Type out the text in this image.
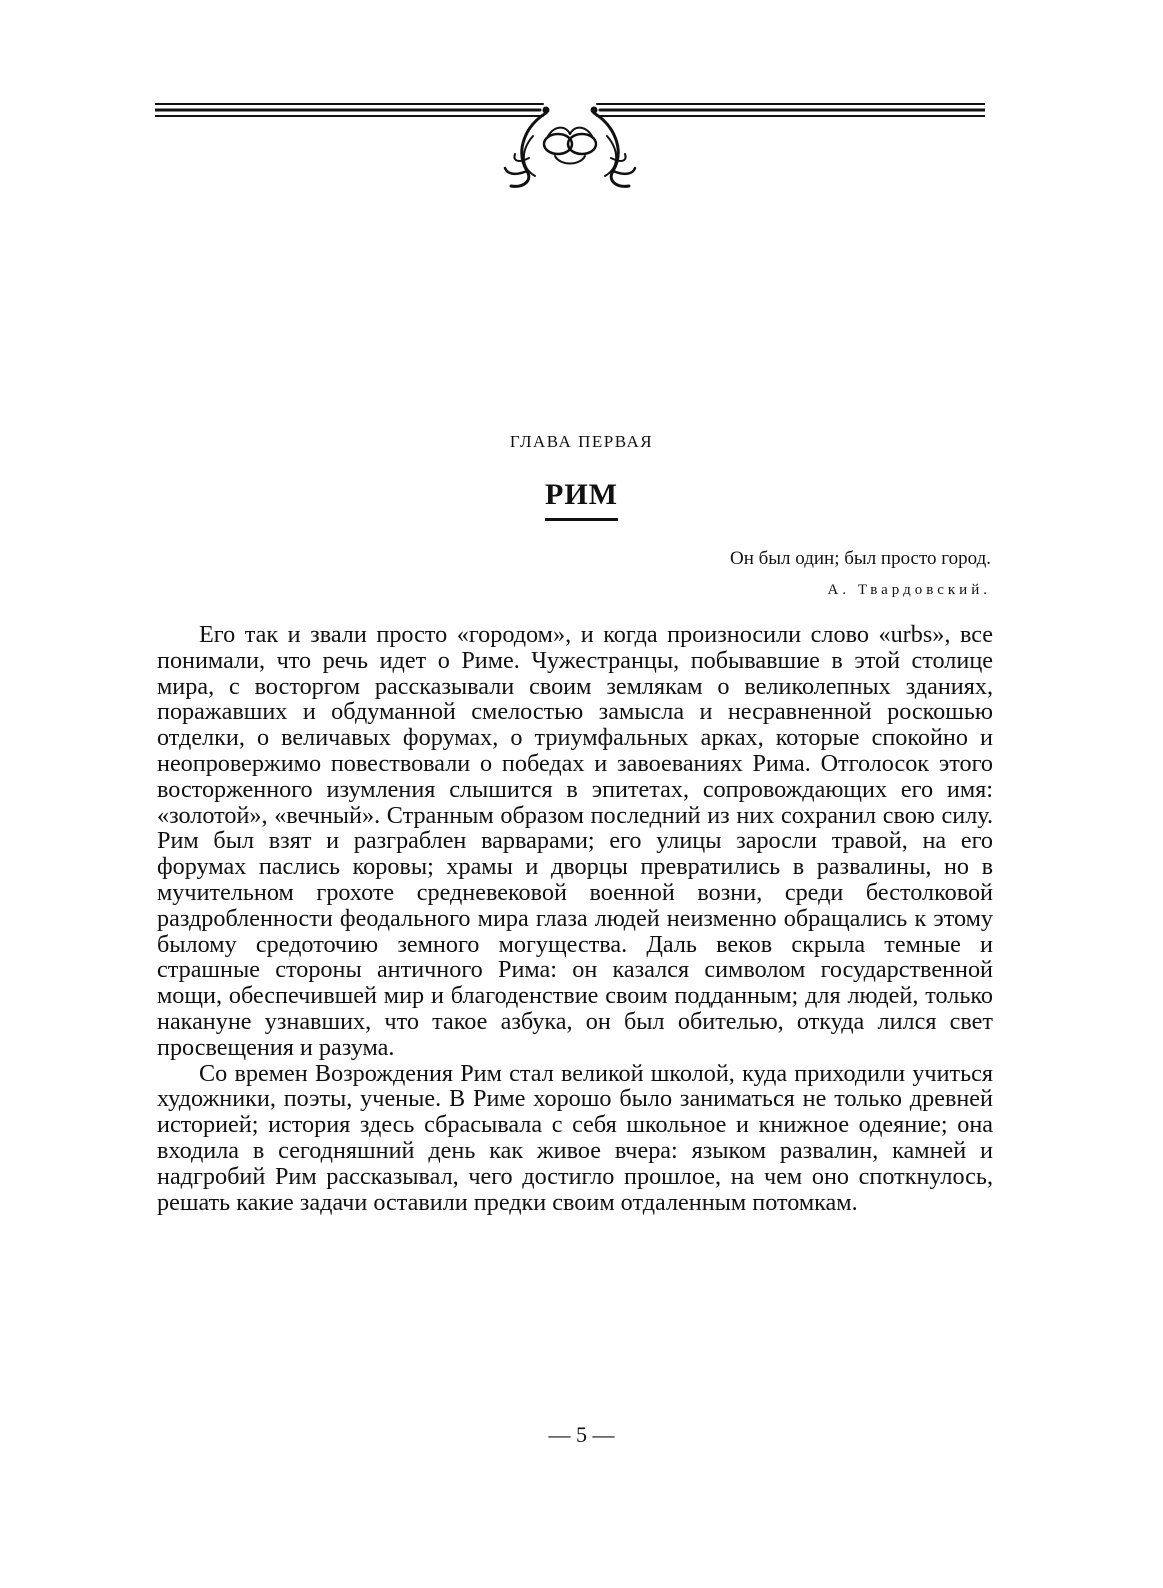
ГЛАВА ПЕРВАЯ
РИМ
Он был один; был просто город.
А. Твардовский.

Его так и звали просто «городом», и когда произносили слово «urbs», все понимали, что речь идет о Риме. Чужестранцы, побывавшие в этой столице мира, с восторгом рассказывали своим землякам о великолепных зданиях, поражавших и обдуманной смелостью замысла и несравненной роскошью отделки, о величавых форумах, о триумфальных арках, которые спокойно и неопровержимо повествовали о победах и завоеваниях Рима. Отголосок этого восторженного изумления слышится в эпитетах, сопровождающих его имя: «золотой», «вечный». Странным образом последний из них сохранил свою силу. Рим был взят и разграблен варварами; его улицы заросли травой, на его форумах паслись коровы; храмы и дворцы превратились в развалины, но в мучительном грохоте средневековой военной возни, среди бестолковой раздробленности феодального мира глаза людей неизменно обращались к этому былому средоточию земного могущества. Даль веков скрыла темные и страшные стороны античного Рима: он казался символом государственной мощи, обеспечившей мир и благоденствие своим подданным; для людей, только накануне узнавших, что такое азбука, он был обителью, откуда лился свет просвещения и разума.

Со времен Возрождения Рим стал великой школой, куда приходили учиться художники, поэты, ученые. В Риме хорошо было заниматься не только древней историей; история здесь сбрасывала с себя школьное и книжное одеяние; она входила в сегодняшний день как живое вчера: языком развалин, камней и надгробий Рим рассказывал, чего достигло прошлое, на чем оно споткнулось, решать какие задачи оставили предки своим отдаленным потомкам.

— 5 —
